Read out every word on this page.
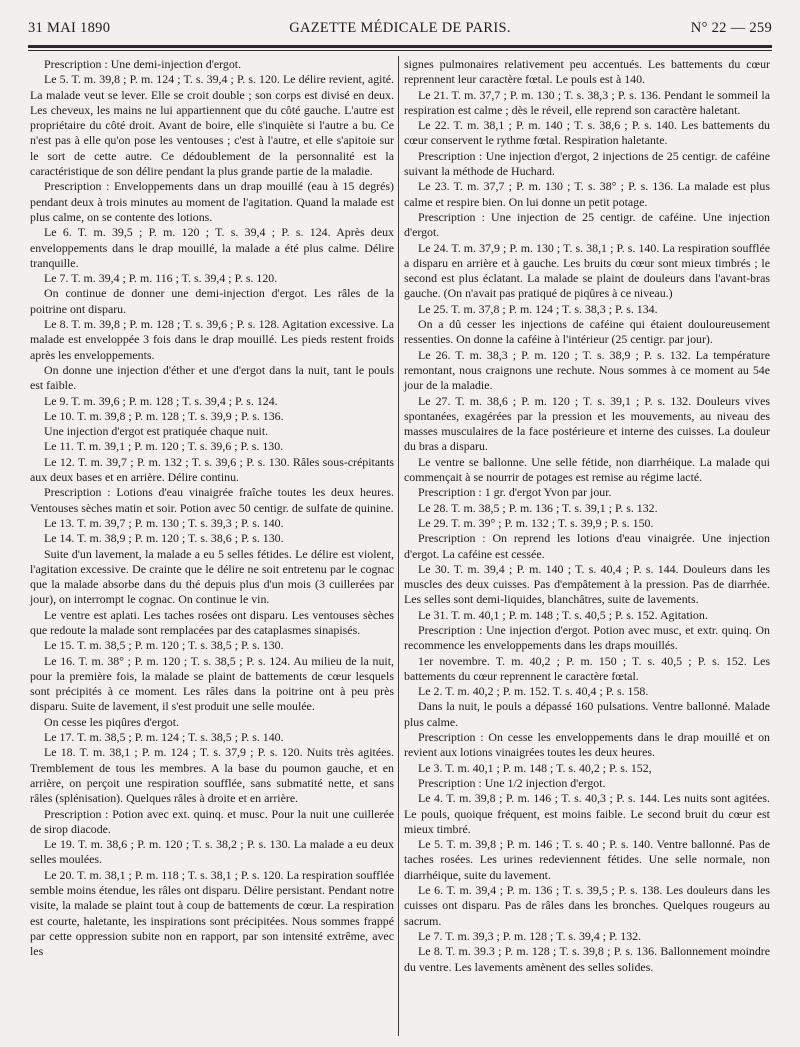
31 MAI 1890	GAZETTE MÉDICALE DE PARIS.	N° 22 — 259

Prescription : Une demi-injection d'ergot.

Le 5. T. m. 39,8 ; P. m. 124 ; T. s. 39,4 ; P. s. 120. Le délire revient, agité. La malade veut se lever. Elle se croit double ; son corps est divisé en deux. Les cheveux, les mains ne lui appartiennent que du côté gauche. L'autre est propriétaire du côté droit. Avant de boire, elle s'inquiète si l'autre a bu. Ce n'est pas à elle qu'on pose les ventouses ; c'est à l'autre, et elle s'apitoie sur le sort de cette autre. Ce dédoublement de la personnalité est la caractéristique de son délire pendant la plus grande partie de la maladie.

Prescription : Enveloppements dans un drap mouillé (eau à 15 degrés) pendant deux à trois minutes au moment de l'agitation. Quand la malade est plus calme, on se contente des lotions.

Le 6. T. m. 39,5 ; P. m. 120 ; T. s. 39,4 ; P. s. 124. Après deux enveloppements dans le drap mouillé, la malade a été plus calme. Délire tranquille.

Le 7. T. m. 39,4 ; P. m. 116 ; T. s. 39,4 ; P. s. 120.

On continue de donner une demi-injection d'ergot. Les râles de la poitrine ont disparu.

Le 8. T. m. 39,8 ; P. m. 128 ; T. s. 39,6 ; P. s. 128. Agitation excessive. La malade est enveloppée 3 fois dans le drap mouillé. Les pieds restent froids après les enveloppements.

On donne une injection d'éther et une d'ergot dans la nuit, tant le pouls est faible.

Le 9. T. m. 39,6 ; P. m. 128 ; T. s. 39,4 ; P. s. 124.

Le 10. T. m. 39,8 ; P. m. 128 ; T. s. 39,9 ; P. s. 136.

Une injection d'ergot est pratiquée chaque nuit.

Le 11. T. m. 39,1 ; P. m. 120 ; T. s. 39,6 ; P. s. 130.

Le 12. T. m. 39,7 ; P. m. 132 ; T. s. 39,6 ; P. s. 130. Râles sous-crépitants aux deux bases et en arrière. Délire continu.

Prescription : Lotions d'eau vinaigrée fraîche toutes les deux heures. Ventouses sèches matin et soir. Potion avec 50 centigr. de sulfate de quinine.

Le 13. T. m. 39,7 ; P. m. 130 ; T. s. 39,3 ; P. s. 140.

Le 14. T. m. 38,9 ; P. m. 120 ; T. s. 38,6 ; P. s. 130.

Suite d'un lavement, la malade a eu 5 selles fétides. Le délire est violent, l'agitation excessive. De crainte que le délire ne soit entretenu par le cognac que la malade absorbe dans du thé depuis plus d'un mois (3 cuillerées par jour), on interrompt le cognac. On continue le vin.

Le ventre est aplati. Les taches rosées ont disparu. Les ventouses sèches que redoute la malade sont remplacées par des cataplasmes sinapisés.

Le 15. T. m. 38,5 ; P. m. 120 ; T. s. 38,5 ; P. s. 130.

Le 16. T. m. 38° ; P. m. 120 ; T. s. 38,5 ; P. s. 124. Au milieu de la nuit, pour la première fois, la malade se plaint de battements de cœur lesquels sont précipités à ce moment. Les râles dans la poitrine ont à peu près disparu. Suite de lavement, il s'est produit une selle moulée.

On cesse les piqûres d'ergot.

Le 17. T. m. 38,5 ; P. m. 124 ; T. s. 38,5 ; P. s. 140.

Le 18. T. m. 38,1 ; P. m. 124 ; T. s. 37,9 ; P. s. 120. Nuits très agitées. Tremblement de tous les membres. A la base du poumon gauche, et en arrière, on perçoit une respiration soufflée, sans submatité nette, et sans râles (splénisation). Quelques râles à droite et en arrière.

Prescription : Potion avec ext. quinq. et musc. Pour la nuit une cuillerée de sirop diacode.

Le 19. T. m. 38,6 ; P. m. 120 ; T. s. 38,2 ; P. s. 130. La malade a eu deux selles moulées.

Le 20. T. m. 38,1 ; P. m. 118 ; T. s. 38,1 ; P. s. 120. La respiration soufflée semble moins étendue, les râles ont disparu. Délire persistant. Pendant notre visite, la malade se plaint tout à coup de battements de cœur. La respiration est courte, haletante, les inspirations sont précipitées. Nous sommes frappé par cette oppression subite non en rapport, par son intensité extrême, avec les

signes pulmonaires relativement peu accentués. Les battements du cœur reprennent leur caractère fœtal. Le pouls est à 140.

Le 21. T. m. 37,7 ; P. m. 130 ; T. s. 38,3 ; P. s. 136. Pendant le sommeil la respiration est calme ; dès le réveil, elle reprend son caractère haletant.

Le 22. T. m. 38,1 ; P. m. 140 ; T. s. 38,6 ; P. s. 140. Les battements du cœur conservent le rythme fœtal. Respiration haletante.

Prescription : Une injection d'ergot, 2 injections de 25 centigr. de caféine suivant la méthode de Huchard.

Le 23. T. m. 37,7 ; P. m. 130 ; T. s. 38° ; P. s. 136. La malade est plus calme et respire bien. On lui donne un petit potage.

Prescription : Une injection de 25 centigr. de caféine. Une injection d'ergot.

Le 24. T. m. 37,9 ; P. m. 130 ; T. s. 38,1 ; P. s. 140. La respiration soufflée a disparu en arrière et à gauche. Les bruits du cœur sont mieux timbrés ; le second est plus éclatant. La malade se plaint de douleurs dans l'avant-bras gauche. (On n'avait pas pratiqué de piqûres à ce niveau.)

Le 25. T. m. 37,8 ; P. m. 124 ; T. s. 38,3 ; P. s. 134.

On a dû cesser les injections de caféine qui étaient douloureusement ressenties. On donne la caféine à l'intérieur (25 centigr. par jour).

Le 26. T. m. 38,3 ; P. m. 120 ; T. s. 38,9 ; P. s. 132. La température remontant, nous craignons une rechute. Nous sommes à ce moment au 54e jour de la maladie.

Le 27. T. m. 38,6 ; P. m. 120 ; T. s. 39,1 ; P. s. 132. Douleurs vives spontanées, exagérées par la pression et les mouvements, au niveau des masses musculaires de la face postérieure et interne des cuisses. La douleur du bras a disparu.

Le ventre se ballonne. Une selle fétide, non diarrhéique. La malade qui commençait à se nourrir de potages est remise au régime lacté.

Prescription : 1 gr. d'ergot Yvon par jour.

Le 28. T. m. 38,5 ; P. m. 136 ; T. s. 39,1 ; P. s. 132.

Le 29. T. m. 39° ; P. m. 132 ; T. s. 39,9 ; P. s. 150.

Prescription : On reprend les lotions d'eau vinaigrée. Une injection d'ergot. La caféine est cessée.

Le 30. T. m. 39,4 ; P. m. 140 ; T. s. 40,4 ; P. s. 144. Douleurs dans les muscles des deux cuisses. Pas d'empâtement à la pression. Pas de diarrhée. Les selles sont demi-liquides, blanchâtres, suite de lavements.

Le 31. T. m. 40,1 ; P. m. 148 ; T. s. 40,5 ; P. s. 152. Agitation.

Prescription : Une injection d'ergot. Potion avec musc, et extr. quinq. On recommence les enveloppements dans les draps mouillés.

1er novembre. T. m. 40,2 ; P. m. 150 ; T. s. 40,5 ; P. s. 152. Les battements du cœur reprennent le caractère fœtal.

Le 2. T. m. 40,2 ; P. m. 152. T. s. 40,4 ; P. s. 158.

Dans la nuit, le pouls a dépassé 160 pulsations. Ventre ballonné. Malade plus calme.

Prescription : On cesse les enveloppements dans le drap mouillé et on revient aux lotions vinaigrées toutes les deux heures.

Le 3. T. m. 40,1 ; P. m. 148 ; T. s. 40,2 ; P. s. 152,

Prescription : Une 1/2 injection d'ergot.

Le 4. T. m. 39,8 ; P. m. 146 ; T. s. 40,3 ; P. s. 144. Les nuits sont agitées. Le pouls, quoique fréquent, est moins faible. Le second bruit du cœur est mieux timbré.

Le 5. T. m. 39,8 ; P. m. 146 ; T. s. 40 ; P. s. 140. Ventre ballonné. Pas de taches rosées. Les urines redeviennent fétides. Une selle normale, non diarrhéique, suite du lavement.

Le 6. T. m. 39,4 ; P. m. 136 ; T. s. 39,5 ; P. s. 138. Les douleurs dans les cuisses ont disparu. Pas de râles dans les bronches. Quelques rougeurs au sacrum.

Le 7. T. m. 39,3 ; P. m. 128 ; T. s. 39,4 ; P. 132.

Le 8. T. m. 39.3 ; P. m. 128 ; T. s. 39,8 ; P. s. 136. Ballonnement moindre du ventre. Les lavements amènent des selles solides.
